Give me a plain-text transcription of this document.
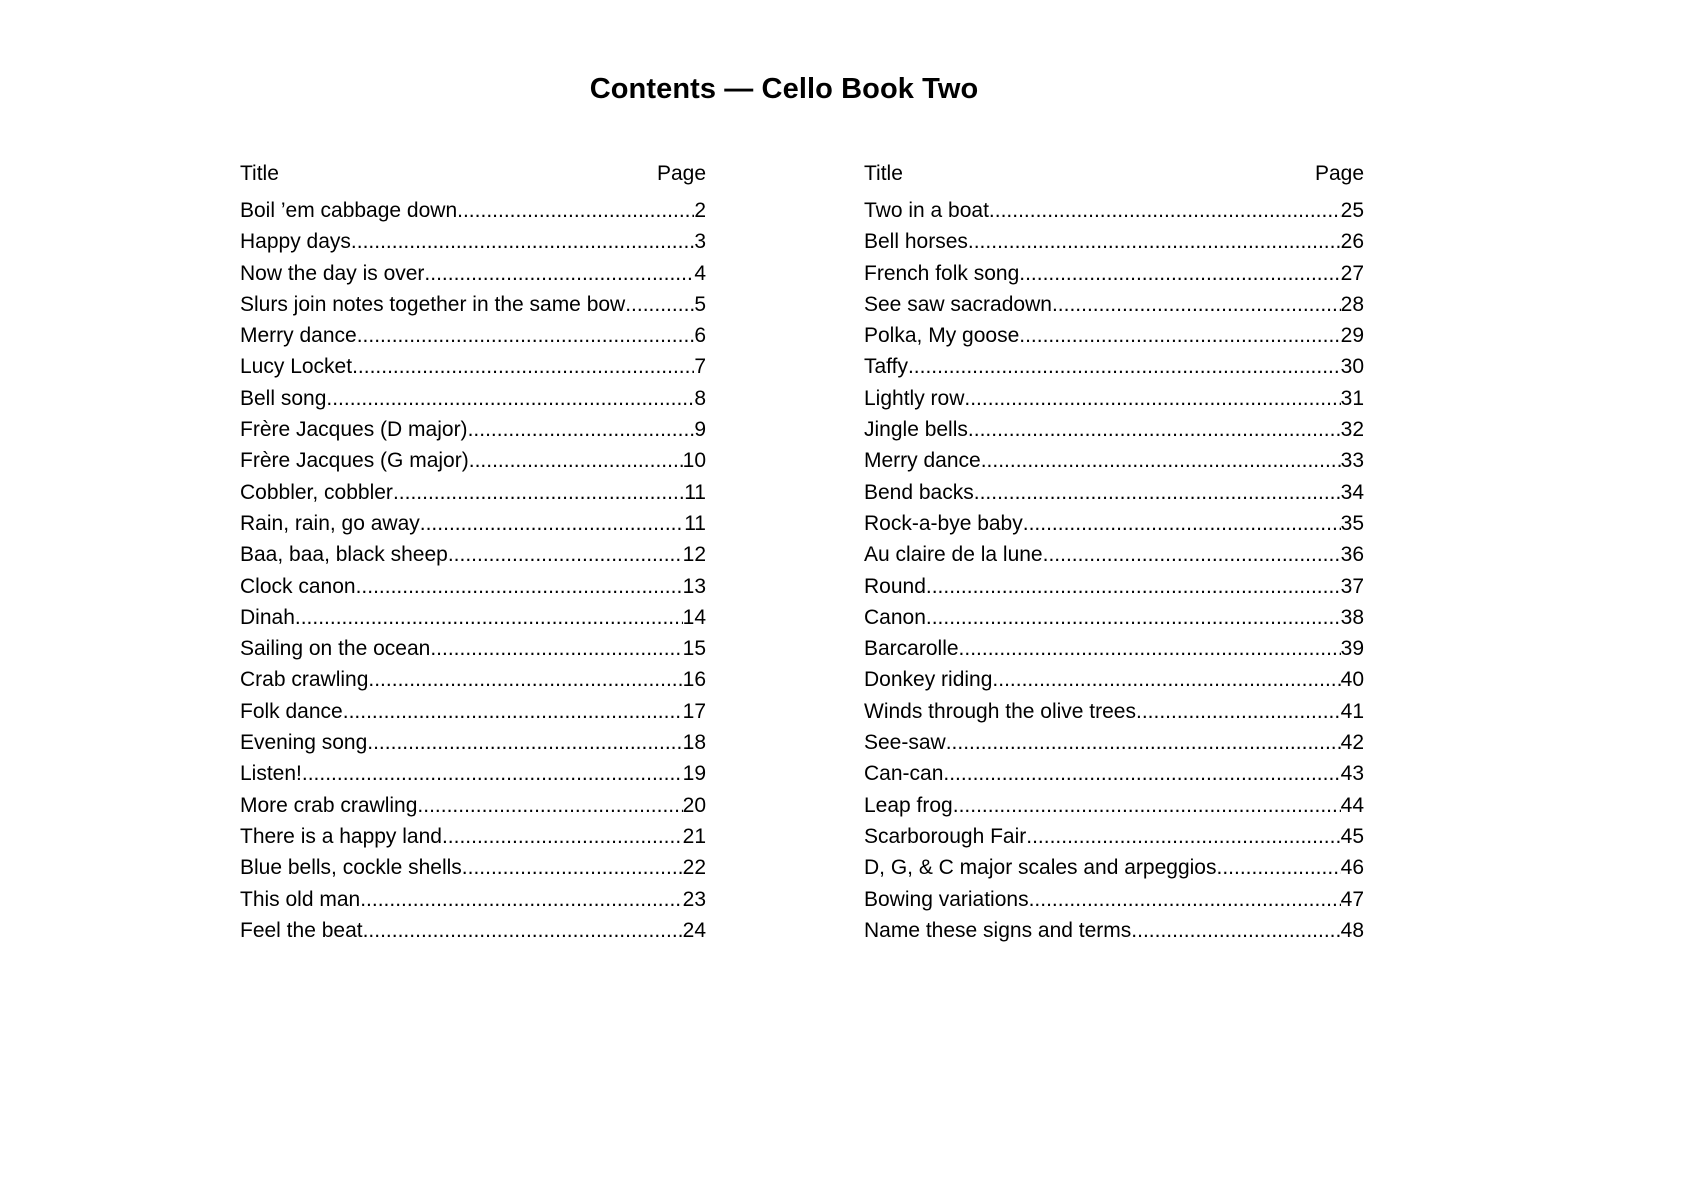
Contents — Cello Book Two
Title	Page
Boil ’em cabbage down .....	2
Happy days .....	3
Now the day is over .....	4
Slurs join notes together in the same bow .....	5
Merry dance .....	6
Lucy Locket .....	7
Bell song .....	8
Frère Jacques (D major) .....	9
Frère Jacques (G major) .....	10
Cobbler, cobbler .....	11
Rain, rain, go away .....	11
Baa, baa, black sheep .....	12
Clock canon .....	13
Dinah .....	14
Sailing on the ocean .....	15
Crab crawling .....	16
Folk dance .....	17
Evening song .....	18
Listen! .....	19
More crab crawling .....	20
There is a happy land .....	21
Blue bells, cockle shells .....	22
This old man .....	23
Feel the beat .....	24
Title	Page
Two in a boat .....	25
Bell horses .....	26
French folk song .....	27
See saw sacradown .....	28
Polka, My goose .....	29
Taffy .....	30
Lightly row .....	31
Jingle bells .....	32
Merry dance .....	33
Bend backs .....	34
Rock-a-bye baby .....	35
Au claire de la lune .....	36
Round .....	37
Canon .....	38
Barcarolle .....	39
Donkey riding .....	40
Winds through the olive trees .....	41
See-saw .....	42
Can-can .....	43
Leap frog .....	44
Scarborough Fair .....	45
D, G, & C major scales and arpeggios .....	46
Bowing variations .....	47
Name these signs and terms .....	48
